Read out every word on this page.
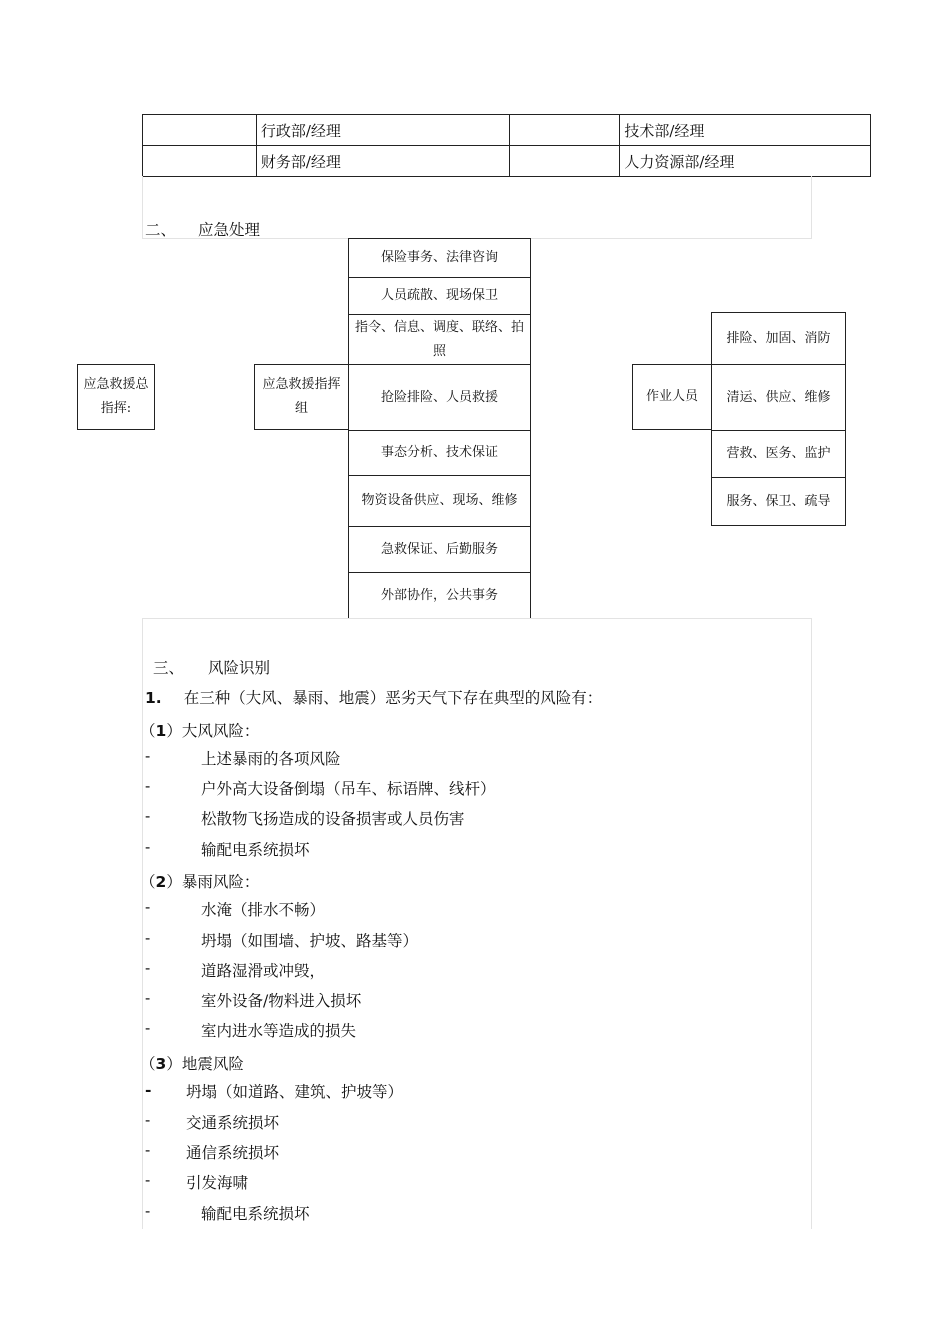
	行政部/经理		技术部/经理
	财务部/经理		人力资源部/经理
二、 应急处理
应急救援总指挥:
应急救援指挥组
保险事务、法律咨询
人员疏散、现场保卫
指令、信息、调度、联络、拍照
抢险排险、人员救援
事态分析、技术保证
物资设备供应、现场、维修
急救保证、后勤服务
外部协作，公共事务
作业人员
排险、加固、消防
清运、供应、维修
营救、医务、监护
服务、保卫、疏导
三、 风险识别
1. 在三种（大风、暴雨、地震）恶劣天气下存在典型的风险有：
（1）大风风险：
-	上述暴雨的各项风险
-	户外高大设备倒塌（吊车、标语牌、线杆）
-	松散物飞扬造成的设备损害或人员伤害
-	输配电系统损坏
（2）暴雨风险：
-	水淹（排水不畅）
-	坍塌（如围墙、护坡、路基等）
-	道路湿滑或冲毁，
-	室外设备/物料进入损坏
-	室内进水等造成的损失
（3）地震风险
- 坍塌（如道路、建筑、护坡等）
- 交通系统损坏
- 通信系统损坏
- 引发海啸
-	输配电系统损坏
